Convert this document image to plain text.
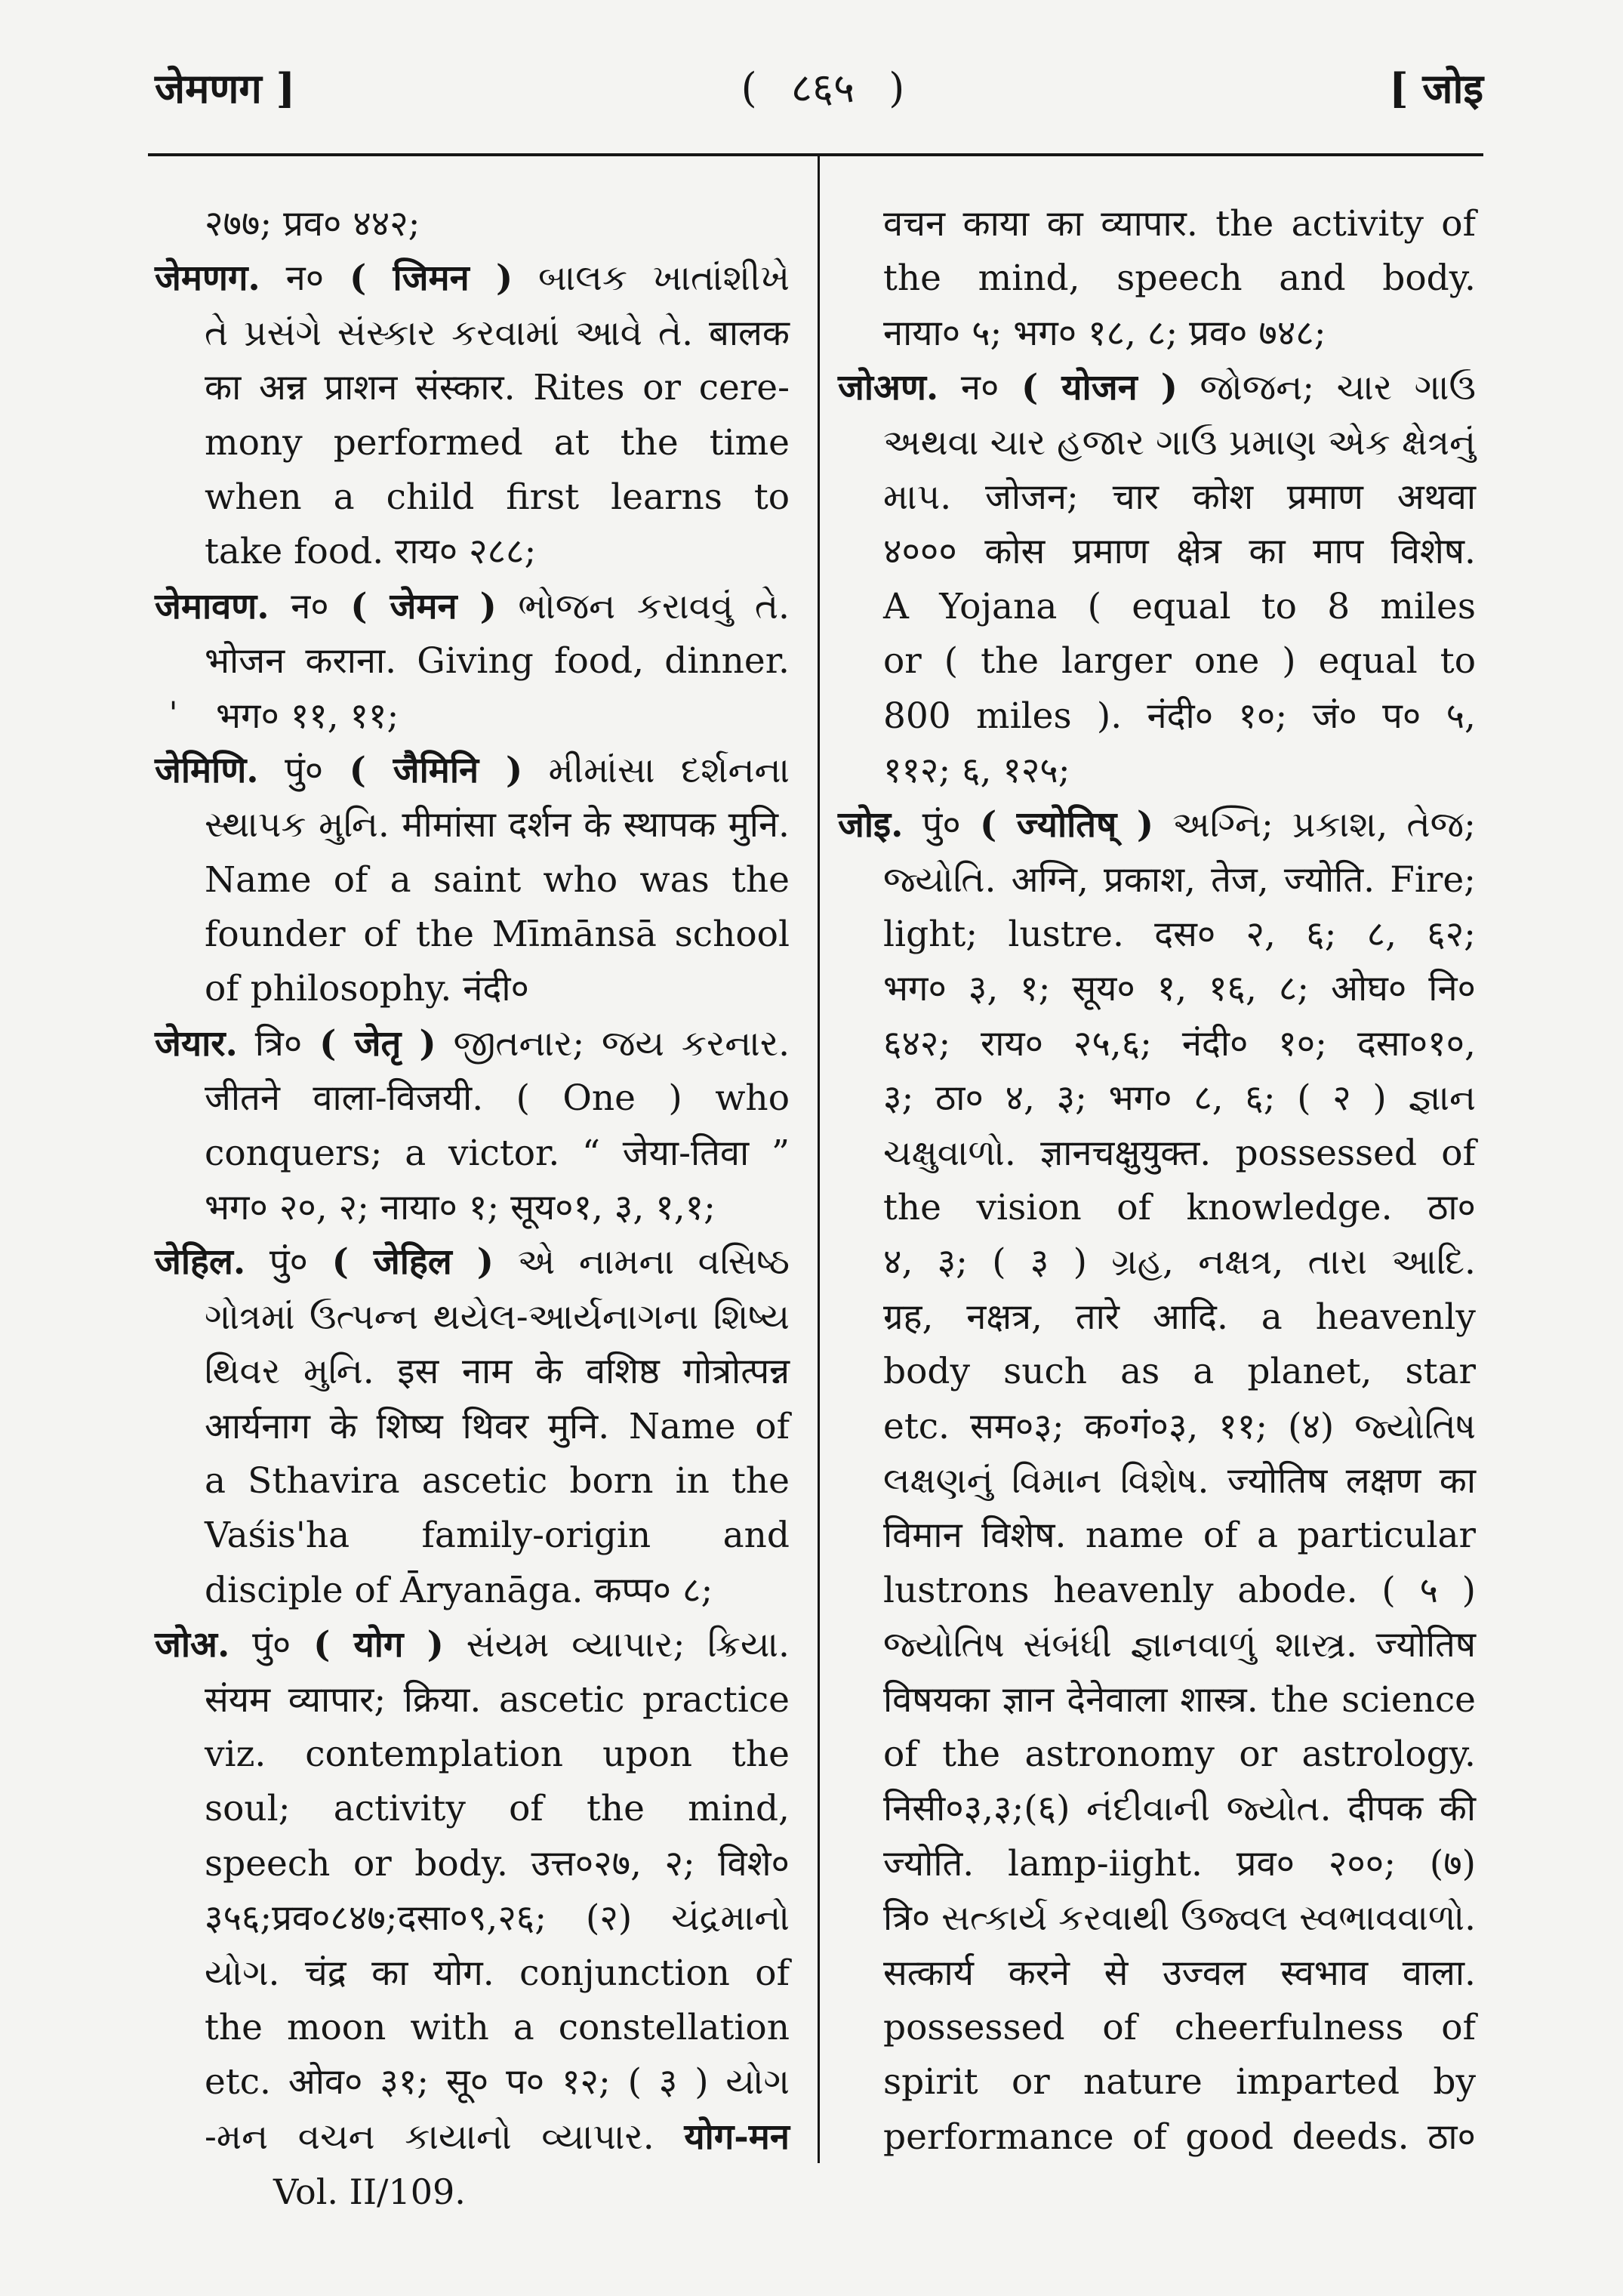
जेमणग ]	( ८६५ )	[ जोइ
२७७; प्रव० ४४२;
जेमणग. न० ( जिमन ) બાલક ખાતાંશીખે
તે પ્રસંગે સંસ્કાર કરવામાં આવે તે. बालक
का अन्न प्राशन संस्कार. Rites or cere-
mony performed at the time
when a child first learns to
take food. राय० २८८;
जेमावण. न० ( जेमन ) ભોજન કરાવવું તે.
भोजन कराना. Giving food, dinner.
ˈ भग० ११, ११;
जेमिणि. पुं० ( जैमिनि ) મીમાંસા દર્શનના
સ્થાપક મુનિ. मीमांसा दर्शन के स्थापक मुनि.
Name of a saint who was the
founder of the Mīmānsā school
of philosophy. नंदी०
जेयार. त्रि० ( जेतृ ) જીતનાર; જય કરનાર.
जीतने वाला-विजयी. ( One ) who
conquers; a victor. “ जेया-तिवा ”
भग० २०, २; नाया० १; सूय०१, ३, १,१;
जेहिल. पुं० ( जेहिल ) એ નામના વસિષ્ઠ
ગોત્રમાં ઉત્પન્ન થયેલ-આર્યનાગના શિષ્ય
થિવર મુનિ. इस नाम के वशिष्ठ गोत्रोत्पन्न
आर्यनाग के शिष्य थिवर मुनि. Name of
a Sthavira ascetic born in the
Vaśis'ha family-origin and
disciple of Āryanāga. कप्प० ८;
जोअ. पुं० ( योग ) સંયમ વ્યાપાર; ક્રિયા.
संयम व्यापार; क्रिया. ascetic practice
viz. contemplation upon the
soul; activity of the mind,
speech or body. उत्त०२७, २; विशे०
३५६;प्रव०८४७;दसा०९,२६; (२) ચંદ્રમાનો
યોગ. चंद्र का योग. conjunction of
the moon with a constellation
etc. ओव० ३१; सू० प० १२; ( ३ ) યોગ
-મન વચન કાયાનો વ્યાપાર. योग-मन
वचन काया का व्यापार. the activity of
the mind, speech and body.
नाया० ५; भग० १८, ८; प्रव० ७४८;
जोअण. न० ( योजन ) જોજન; ચાર ગાઉ
અથવા ચાર હજાર ગાઉ પ્રમાણ એક ક્ષેત્રનું
માપ. जोजन; चार कोश प्रमाण अथवा
४००० कोस प्रमाण क्षेत्र का माप विशेष.
A Yojana ( equal to 8 miles
or ( the larger one ) equal to
800 miles ). नंदी० १०; जं० प० ५,
११२; ६, १२५;
जोइ. पुं० ( ज्योतिष् ) અગ્નિ; પ્રકાશ, તેજ;
જ્યોતિ. अग्नि, प्रकाश, तेज, ज्योति. Fire;
light; lustre. दस० २, ६; ८, ६२;
भग० ३, १; सूय० १, १६, ८; ओघ० नि०
६४२; राय० २५,६; नंदी० १०; दसा०१०,
३; ठा० ४, ३; भग० ८, ६; ( २ ) જ્ઞાન
ચક્ષુવાળો. ज्ञानचक्षुयुक्त. possessed of
the vision of knowledge. ठा०
४, ३; ( ३ ) ગ્રહ, નક્ષત્ર, તારા આદિ.
ग्रह, नक्षत्र, तारे आदि. a heavenly
body such as a planet, star
etc. सम०३; क०गं०३, ११; (४) જ્યોતિષ
લક્ષણનું વિમાન વિશેષ. ज्योतिष लक्षण का
विमान विशेष. name of a particular
lustrons heavenly abode. ( ५ )
જ્યોતિષ સંબંધી જ્ઞાનવાળું શાસ્ત્ર. ज्योतिष
विषयका ज्ञान देनेवाला शास्त्र. the science
of the astronomy or astrology.
निसी०३,३;(६) નંદીવાની જ્યોત. दीपक की
ज्योति. lamp-iight. प्रव० २००; (७)
त्रि० સત્કાર્ય કરવાથી ઉજ્વલ સ્વભાવવાળો.
सत्कार्य करने से उज्वल स्वभाव वाला.
possessed of cheerfulness of
spirit or nature imparted by
performance of good deeds. ठा०
Vol. II/109.
